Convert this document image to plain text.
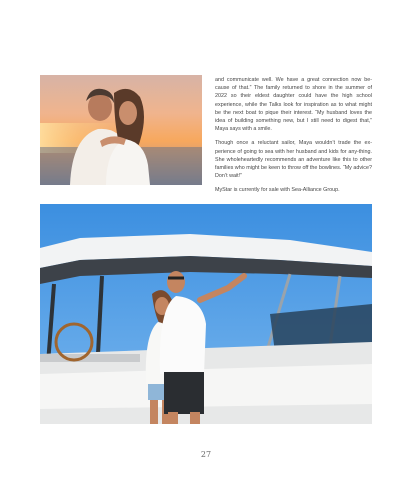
and communicate well. We have a great connection now be-cause of that.” The family returned to shore in the summer of 2022 so their eldest daughter could have the high school experience, while the Talks look for inspiration as to what might be the next boat to pique their interest. “My husband loves the idea of building something new, but I still need to digest that,” Maya says with a smile.

Though once a reluctant sailor, Maya wouldn’t trade the ex-perience of going to sea with her husband and kids for any-thing. She wholeheartedly recommends an adventure like this to other families who might be keen to throw off the bowlines. “My advice? Don’t wait!”

MyStar is currently for sale with Sea-Alliance Group.

27
